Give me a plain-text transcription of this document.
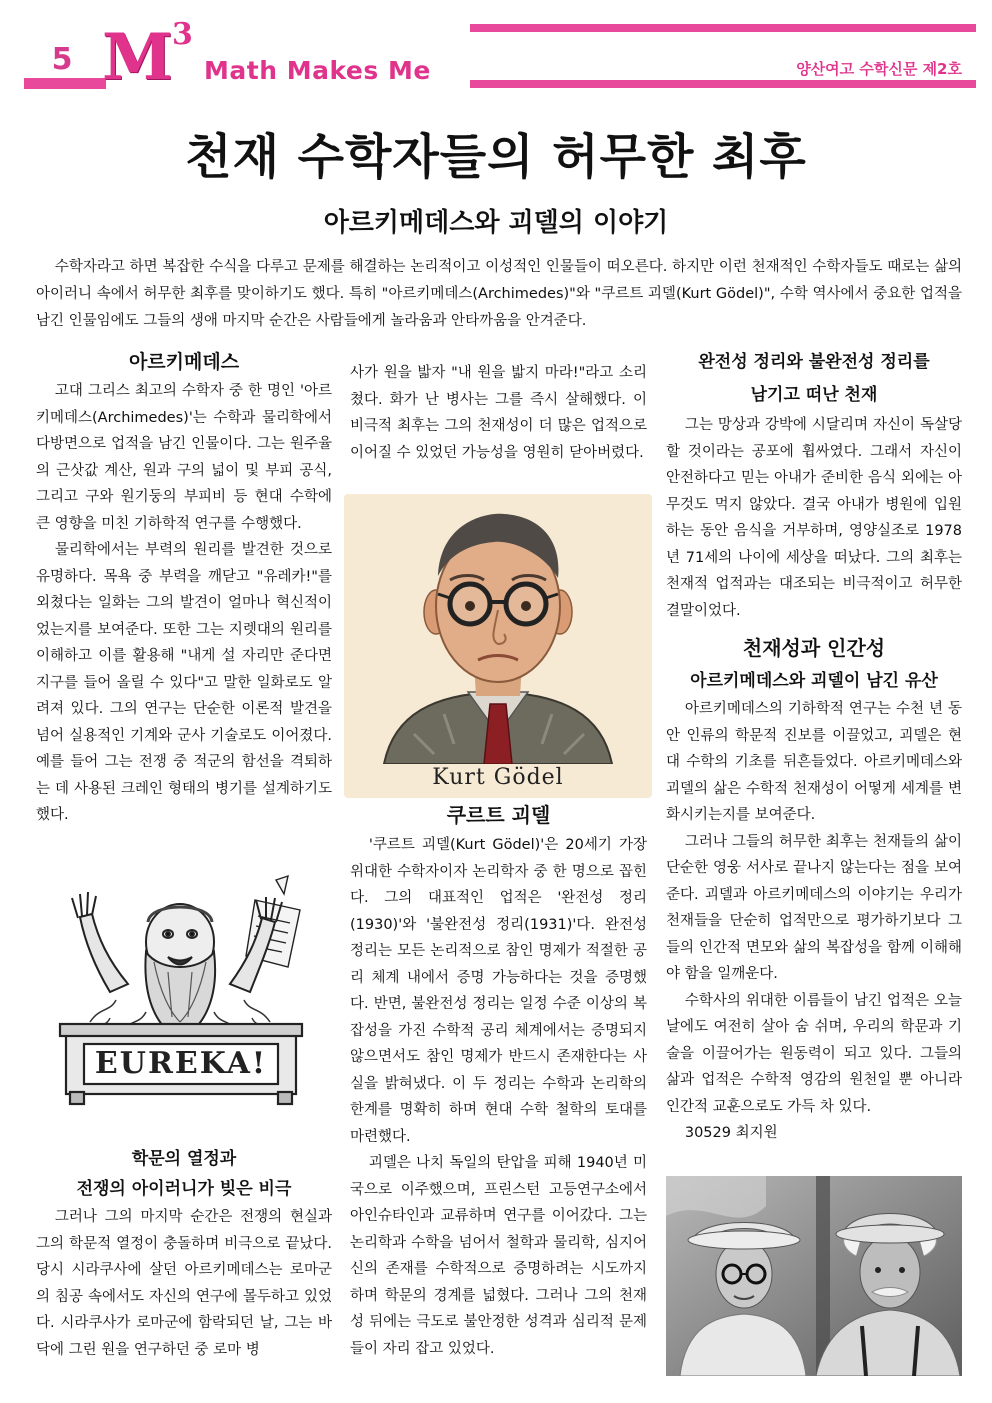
5 M 3
Math Makes Me	양산여고 수학신문 제2호
천재 수학자들의 허무한 최후
아르키메데스와 괴델의 이야기

수학자라고 하면 복잡한 수식을 다루고 문제를 해결하는 논리적이고 이성적인 인물들이 떠오른다. 하지만 이런 천재적인 수학자들도 때로는 삶의 아이러니 속에서 허무한 최후를 맞이하기도 했다. 특히 "아르키메데스(Archimedes)"와 "쿠르트 괴델(Kurt Gödel)", 수학 역사에서 중요한 업적을 남긴 인물임에도 그들의 생애 마지막 순간은 사람들에게 놀라움과 안타까움을 안겨준다.

아르키메데스

고대 그리스 최고의 수학자 중 한 명인 '아르키메데스(Archimedes)'는 수학과 물리학에서 다방면으로 업적을 남긴 인물이다. 그는 원주율의 근삿값 계산, 원과 구의 넓이 및 부피 공식, 그리고 구와 원기둥의 부피비 등 현대 수학에 큰 영향을 미친 기하학적 연구를 수행했다.

물리학에서는 부력의 원리를 발견한 것으로 유명하다. 목욕 중 부력을 깨닫고 "유레카!"를 외쳤다는 일화는 그의 발견이 얼마나 혁신적이었는지를 보여준다. 또한 그는 지렛대의 원리를 이해하고 이를 활용해 "내게 설 자리만 준다면 지구를 들어 올릴 수 있다"고 말한 일화로도 알려져 있다. 그의 연구는 단순한 이론적 발견을 넘어 실용적인 기계와 군사 기술로도 이어졌다. 예를 들어 그는 전쟁 중 적군의 함선을 격퇴하는 데 사용된 크레인 형태의 병기를 설계하기도 했다.

EUREKA!
학문의 열정과
전쟁의 아이러니가 빚은 비극

그러나 그의 마지막 순간은 전쟁의 현실과 그의 학문적 열정이 충돌하며 비극으로 끝났다. 당시 시라쿠사에 살던 아르키메데스는 로마군의 침공 속에서도 자신의 연구에 몰두하고 있었다. 시라쿠사가 로마군에 함락되던 날, 그는 바닥에 그린 원을 연구하던 중 로마 병

사가 원을 밟자 "내 원을 밟지 마라!"라고 소리쳤다. 화가 난 병사는 그를 즉시 살해했다. 이 비극적 최후는 그의 천재성이 더 많은 업적으로 이어질 수 있었던 가능성을 영원히 닫아버렸다.

Kurt Gödel
쿠르트 괴델

'쿠르트 괴델(Kurt Gödel)'은 20세기 가장 위대한 수학자이자 논리학자 중 한 명으로 꼽힌다. 그의 대표적인 업적은 '완전성 정리(1930)'와 '불완전성 정리(1931)'다. 완전성 정리는 모든 논리적으로 참인 명제가 적절한 공리 체계 내에서 증명 가능하다는 것을 증명했다. 반면, 불완전성 정리는 일정 수준 이상의 복잡성을 가진 수학적 공리 체계에서는 증명되지 않으면서도 참인 명제가 반드시 존재한다는 사실을 밝혀냈다. 이 두 정리는 수학과 논리학의 한계를 명확히 하며 현대 수학 철학의 토대를 마련했다.

괴델은 나치 독일의 탄압을 피해 1940년 미국으로 이주했으며, 프린스턴 고등연구소에서 아인슈타인과 교류하며 연구를 이어갔다. 그는 논리학과 수학을 넘어서 철학과 물리학, 심지어 신의 존재를 수학적으로 증명하려는 시도까지 하며 학문의 경계를 넓혔다. 그러나 그의 천재성 뒤에는 극도로 불안정한 성격과 심리적 문제들이 자리 잡고 있었다.

완전성 정리와 불완전성 정리를
남기고 떠난 천재

그는 망상과 강박에 시달리며 자신이 독살당할 것이라는 공포에 휩싸였다. 그래서 자신이 안전하다고 믿는 아내가 준비한 음식 외에는 아무것도 먹지 않았다. 결국 아내가 병원에 입원하는 동안 음식을 거부하며, 영양실조로 1978년 71세의 나이에 세상을 떠났다. 그의 최후는 천재적 업적과는 대조되는 비극적이고 허무한 결말이었다.

천재성과 인간성
아르키메데스와 괴델이 남긴 유산

아르키메데스의 기하학적 연구는 수천 년 동안 인류의 학문적 진보를 이끌었고, 괴델은 현대 수학의 기초를 뒤흔들었다. 아르키메데스와 괴델의 삶은 수학적 천재성이 어떻게 세계를 변화시키는지를 보여준다.

그러나 그들의 허무한 최후는 천재들의 삶이 단순한 영웅 서사로 끝나지 않는다는 점을 보여준다. 괴델과 아르키메데스의 이야기는 우리가 천재들을 단순히 업적만으로 평가하기보다 그들의 인간적 면모와 삶의 복잡성을 함께 이해해야 함을 일깨운다.

수학사의 위대한 이름들이 남긴 업적은 오늘날에도 여전히 살아 숨 쉬며, 우리의 학문과 기술을 이끌어가는 원동력이 되고 있다. 그들의 삶과 업적은 수학적 영감의 원천일 뿐 아니라 인간적 교훈으로도 가득 차 있다.

30529 최지원
